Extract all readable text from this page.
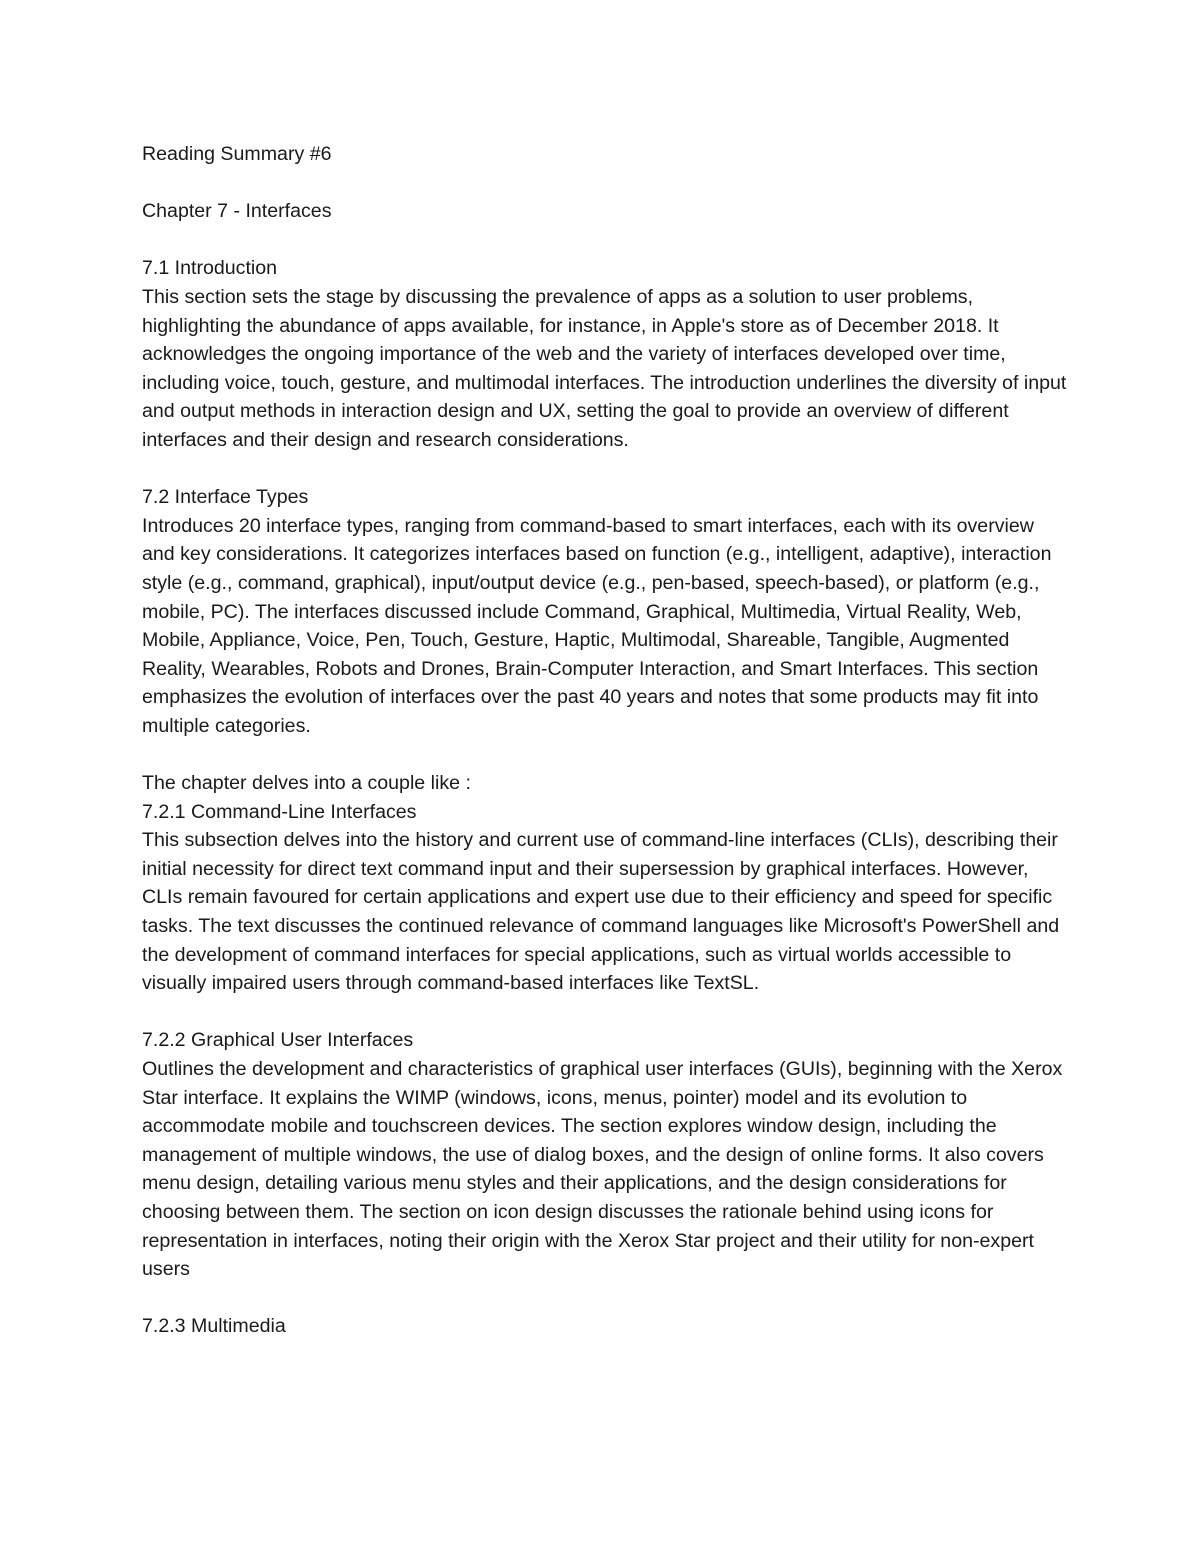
Reading Summary #6

Chapter 7 - Interfaces

7.1 Introduction

This section sets the stage by discussing the prevalence of apps as a solution to user problems, highlighting the abundance of apps available, for instance, in Apple's store as of December 2018. It acknowledges the ongoing importance of the web and the variety of interfaces developed over time, including voice, touch, gesture, and multimodal interfaces. The introduction underlines the diversity of input and output methods in interaction design and UX, setting the goal to provide an overview of different interfaces and their design and research considerations.

7.2 Interface Types

Introduces 20 interface types, ranging from command-based to smart interfaces, each with its overview and key considerations. It categorizes interfaces based on function (e.g., intelligent, adaptive), interaction style (e.g., command, graphical), input/output device (e.g., pen-based, speech-based), or platform (e.g., mobile, PC). The interfaces discussed include Command, Graphical, Multimedia, Virtual Reality, Web, Mobile, Appliance, Voice, Pen, Touch, Gesture, Haptic, Multimodal, Shareable, Tangible, Augmented Reality, Wearables, Robots and Drones, Brain-Computer Interaction, and Smart Interfaces. This section emphasizes the evolution of interfaces over the past 40 years and notes that some products may fit into multiple categories.

The chapter delves into a couple like :

7.2.1 Command-Line Interfaces

This subsection delves into the history and current use of command-line interfaces (CLIs), describing their initial necessity for direct text command input and their supersession by graphical interfaces. However, CLIs remain favoured for certain applications and expert use due to their efficiency and speed for specific tasks. The text discusses the continued relevance of command languages like Microsoft's PowerShell and the development of command interfaces for special applications, such as virtual worlds accessible to visually impaired users through command-based interfaces like TextSL.

7.2.2 Graphical User Interfaces

Outlines the development and characteristics of graphical user interfaces (GUIs), beginning with the Xerox Star interface. It explains the WIMP (windows, icons, menus, pointer) model and its evolution to accommodate mobile and touchscreen devices. The section explores window design, including the management of multiple windows, the use of dialog boxes, and the design of online forms. It also covers menu design, detailing various menu styles and their applications, and the design considerations for choosing between them. The section on icon design discusses the rationale behind using icons for representation in interfaces, noting their origin with the Xerox Star project and their utility for non-expert users

7.2.3 Multimedia
